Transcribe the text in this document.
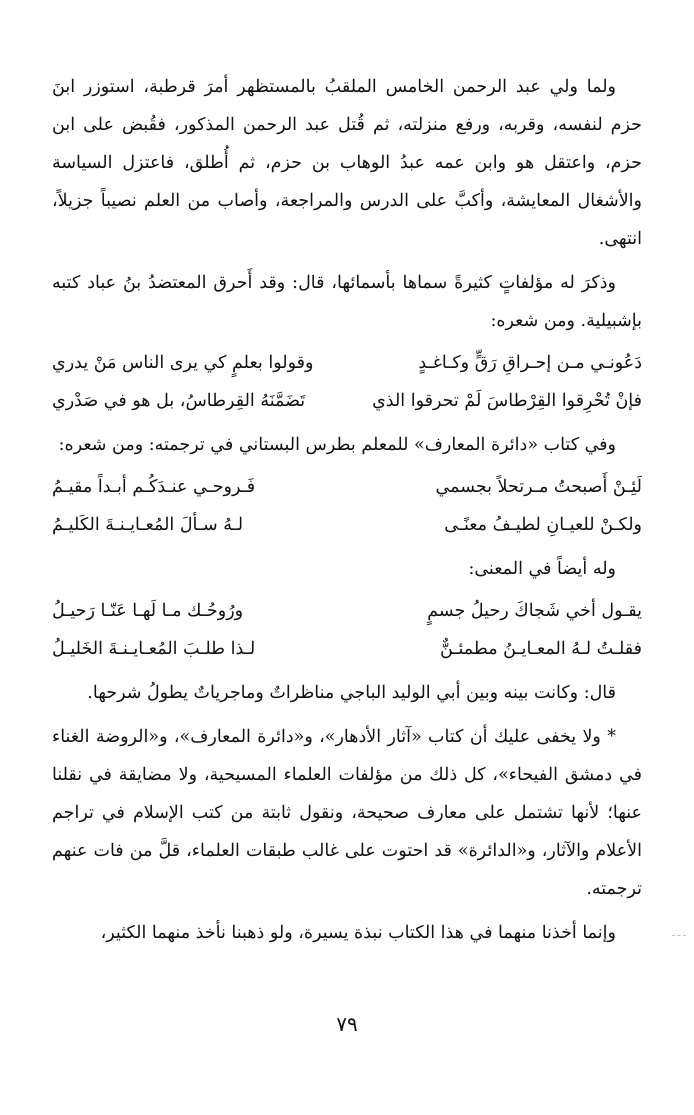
ولما ولي عبد الرحمن الخامس الملقبُ بالمستظهر أمرَ قرطبة، استوزر ابنَ حزم لنفسه، وقربه، ورفع منزلته، ثم قُتل عبد الرحمن المذكور، فقُبض على ابن حزم، واعتقل هو وابن عمه عبدُ الوهاب بن حزم، ثم أُطلق، فاعتزل السياسة والأشغال المعايشة، وأكبَّ على الدرس والمراجعة، وأصاب من العلم نصيباً جزيلاً، انتهى.

وذكرَ له مؤلفاتٍ كثيرةً سماها بأسمائها، قال: وقد أَحرق المعتضدُ بنُ عباد كتبه بإشبيلية. ومن شعره:

دَعُونـي مـن إحـراقِ رَقٍّ وكـاغـدٍ
وقولوا بعلمٍ كي يرى الناس مَنْ يدري
فإنْ تُحْرِقوا القِرْطاسَ لَمْ تحرقوا الذي
تَضَمَّنَهُ القِرطاسُ، بل هو في صَدْري

وفي كتاب «دائرة المعارف» للمعلم بطرس البستاني في ترجمته: ومن شعره:

لَئِـنْ أَصبحتُ مـرتحلاً بجسمي
فَـروحـي عنـدَكُـم أبـداً مقيـمُ
ولكـنْ للعيـانِ لطيـفُ معنًـى
لـهُ سـألَ المُعـايـنـةَ الكَليـمُ

وله أيضاً في المعنى:

يقـول أخي شَجاكَ رحيلُ جسمٍ
ورُوحُـك مـا لَهـا عَنّـا رَحيـلُ
فقلـتُ لـهُ المعـايـنُ مطمئـنٌّ
لـذا طلـبَ المُعـايـنـةَ الخَليـلُ

قال: وكانت بينه وبين أبي الوليد الباجي مناظراتٌ وماجرياتٌ يطولُ شرحها.

* ولا يخفى عليك أن كتاب «آثار الأدهار»، و«دائرة المعارف»، و«الروضة الغناء في دمشق الفيحاء»، كل ذلك من مؤلفات العلماء المسيحية، ولا مضايقة في نقلنا عنها؛ لأنها تشتمل على معارف صحيحة، ونقول ثابتة من كتب الإسلام في تراجم الأعلام والآثار، و«الدائرة» قد احتوت على غالب طبقات العلماء، قلَّ من فات عنهم ترجمته.

وإنما أخذنا منهما في هذا الكتاب نبذة يسيرة، ولو ذهبنا نأخذ منهما الكثير،

٧٩
